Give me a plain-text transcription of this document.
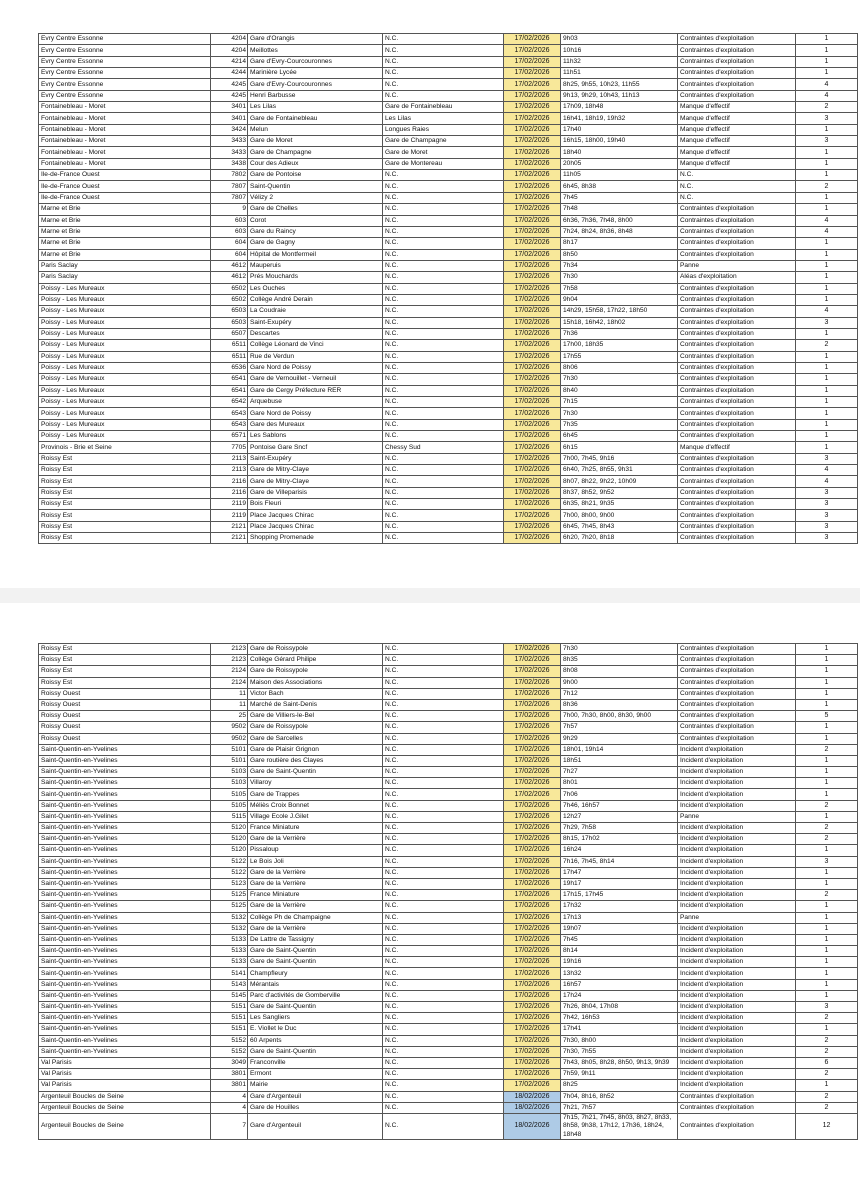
Evry Centre Essonne	4204	Gare d'Orangis	N.C.	17/02/2026	9h03	Contraintes d'exploitation	1
Evry Centre Essonne	4204	Meillottes	N.C.	17/02/2026	10h16	Contraintes d'exploitation	1
Evry Centre Essonne	4214	Gare d'Evry-Courcouronnes	N.C.	17/02/2026	11h32	Contraintes d'exploitation	1
Evry Centre Essonne	4244	Marinière Lycée	N.C.	17/02/2026	11h51	Contraintes d'exploitation	1
Evry Centre Essonne	4245	Gare d'Evry-Courcouronnes	N.C.	17/02/2026	8h25, 9h55, 10h23, 11h55	Contraintes d'exploitation	4
Evry Centre Essonne	4245	Henri Barbusse	N.C.	17/02/2026	9h13, 9h29, 10h43, 11h13	Contraintes d'exploitation	4
Fontainebleau - Moret	3401	Les Lilas	Gare de Fontainebleau	17/02/2026	17h09, 18h48	Manque d'effectif	2
Fontainebleau - Moret	3401	Gare de Fontainebleau	Les Lilas	17/02/2026	16h41, 18h19, 19h32	Manque d'effectif	3
Fontainebleau - Moret	3424	Melun	Longues Raies	17/02/2026	17h40	Manque d'effectif	1
Fontainebleau - Moret	3433	Gare de Moret	Gare de Champagne	17/02/2026	16h15, 18h00, 19h40	Manque d'effectif	3
Fontainebleau - Moret	3433	Gare de Champagne	Gare de Moret	17/02/2026	18h40	Manque d'effectif	1
Fontainebleau - Moret	3438	Cour des Adieux	Gare de Montereau	17/02/2026	20h05	Manque d'effectif	1
Ile-de-France Ouest	7802	Gare de Pontoise	N.C.	17/02/2026	11h05	N.C.	1
Ile-de-France Ouest	7807	Saint-Quentin	N.C.	17/02/2026	6h45, 8h38	N.C.	2
Ile-de-France Ouest	7807	Vélizy 2	N.C.	17/02/2026	7h45	N.C.	1
Marne et Brie	9	Gare de Chelles	N.C.	17/02/2026	7h48	Contraintes d'exploitation	1
Marne et Brie	603	Corot	N.C.	17/02/2026	6h36, 7h36, 7h48, 8h00	Contraintes d'exploitation	4
Marne et Brie	603	Gare du Raincy	N.C.	17/02/2026	7h24, 8h24, 8h36, 8h48	Contraintes d'exploitation	4
Marne et Brie	604	Gare de Gagny	N.C.	17/02/2026	8h17	Contraintes d'exploitation	1
Marne et Brie	604	Hôpital de Montfermeil	N.C.	17/02/2026	8h50	Contraintes d'exploitation	1
Paris Saclay	4612	Mauperuis	N.C.	17/02/2026	7h34	Panne	1
Paris Saclay	4612	Prés Mouchards	N.C.	17/02/2026	7h30	Aléas d'exploitation	1
Poissy - Les Mureaux	6502	Les Ouches	N.C.	17/02/2026	7h58	Contraintes d'exploitation	1
Poissy - Les Mureaux	6502	Collège André Derain	N.C.	17/02/2026	9h04	Contraintes d'exploitation	1
Poissy - Les Mureaux	6503	La Coudraie	N.C.	17/02/2026	14h29, 15h58, 17h22, 18h50	Contraintes d'exploitation	4
Poissy - Les Mureaux	6503	Saint-Exupéry	N.C.	17/02/2026	15h18, 16h42, 18h02	Contraintes d'exploitation	3
Poissy - Les Mureaux	6507	Descartes	N.C.	17/02/2026	7h36	Contraintes d'exploitation	1
Poissy - Les Mureaux	6511	Collège Léonard de Vinci	N.C.	17/02/2026	17h00, 18h35	Contraintes d'exploitation	2
Poissy - Les Mureaux	6511	Rue de Verdun	N.C.	17/02/2026	17h55	Contraintes d'exploitation	1
Poissy - Les Mureaux	6536	Gare Nord de Poissy	N.C.	17/02/2026	8h06	Contraintes d'exploitation	1
Poissy - Les Mureaux	6541	Gare de Vernouillet - Verneuil	N.C.	17/02/2026	7h30	Contraintes d'exploitation	1
Poissy - Les Mureaux	6541	Gare de Cergy Préfecture RER	N.C.	17/02/2026	8h40	Contraintes d'exploitation	1
Poissy - Les Mureaux	6542	Arquebuse	N.C.	17/02/2026	7h15	Contraintes d'exploitation	1
Poissy - Les Mureaux	6543	Gare Nord de Poissy	N.C.	17/02/2026	7h30	Contraintes d'exploitation	1
Poissy - Les Mureaux	6543	Gare des Mureaux	N.C.	17/02/2026	7h35	Contraintes d'exploitation	1
Poissy - Les Mureaux	6571	Les Sablons	N.C.	17/02/2026	6h45	Contraintes d'exploitation	1
Provinois - Brie et Seine	7705	Pontoise Gare Sncf	Chessy Sud	17/02/2026	6h15	Manque d'effectif	1
Roissy Est	2113	Saint-Exupéry	N.C.	17/02/2026	7h00, 7h45, 9h16	Contraintes d'exploitation	3
Roissy Est	2113	Gare de Mitry-Claye	N.C.	17/02/2026	6h40, 7h25, 8h55, 9h31	Contraintes d'exploitation	4
Roissy Est	2116	Gare de Mitry-Claye	N.C.	17/02/2026	8h07, 8h22, 9h22, 10h09	Contraintes d'exploitation	4
Roissy Est	2116	Gare de Villeparisis	N.C.	17/02/2026	8h37, 8h52, 9h52	Contraintes d'exploitation	3
Roissy Est	2119	Bois Fleuri	N.C.	17/02/2026	6h35, 8h21, 9h35	Contraintes d'exploitation	3
Roissy Est	2119	Place Jacques Chirac	N.C.	17/02/2026	7h00, 8h00, 9h00	Contraintes d'exploitation	3
Roissy Est	2121	Place Jacques Chirac	N.C.	17/02/2026	6h45, 7h45, 8h43	Contraintes d'exploitation	3
Roissy Est	2121	Shopping Promenade	N.C.	17/02/2026	6h20, 7h20, 8h18	Contraintes d'exploitation	3
Roissy Est	2123	Gare de Roissypole	N.C.	17/02/2026	7h30	Contraintes d'exploitation	1
Roissy Est	2123	Collège Gérard Philipe	N.C.	17/02/2026	8h35	Contraintes d'exploitation	1
Roissy Est	2124	Gare de Roissypole	N.C.	17/02/2026	8h08	Contraintes d'exploitation	1
Roissy Est	2124	Maison des Associations	N.C.	17/02/2026	9h00	Contraintes d'exploitation	1
Roissy Ouest	11	Victor Bach	N.C.	17/02/2026	7h12	Contraintes d'exploitation	1
Roissy Ouest	11	Marché de Saint-Denis	N.C.	17/02/2026	8h36	Contraintes d'exploitation	1
Roissy Ouest	25	Gare de Villiers-le-Bel	N.C.	17/02/2026	7h00, 7h30, 8h00, 8h30, 9h00	Contraintes d'exploitation	5
Roissy Ouest	9502	Gare de Roissypole	N.C.	17/02/2026	7h57	Contraintes d'exploitation	1
Roissy Ouest	9502	Gare de Sarcelles	N.C.	17/02/2026	9h29	Contraintes d'exploitation	1
Saint-Quentin-en-Yvelines	5101	Gare de Plaisir Grignon	N.C.	17/02/2026	18h01, 19h14	Incident d'exploitation	2
Saint-Quentin-en-Yvelines	5101	Gare routière des Clayes	N.C.	17/02/2026	18h51	Incident d'exploitation	1
Saint-Quentin-en-Yvelines	5103	Gare de Saint-Quentin	N.C.	17/02/2026	7h27	Incident d'exploitation	1
Saint-Quentin-en-Yvelines	5103	Villaroy	N.C.	17/02/2026	8h01	Incident d'exploitation	1
Saint-Quentin-en-Yvelines	5105	Gare de Trappes	N.C.	17/02/2026	7h06	Incident d'exploitation	1
Saint-Quentin-en-Yvelines	5105	Méliès Croix Bonnet	N.C.	17/02/2026	7h46, 16h57	Incident d'exploitation	2
Saint-Quentin-en-Yvelines	5115	Village Ecole J.Gilet	N.C.	17/02/2026	12h27	Panne	1
Saint-Quentin-en-Yvelines	5120	France Miniature	N.C.	17/02/2026	7h29, 7h58	Incident d'exploitation	2
Saint-Quentin-en-Yvelines	5120	Gare de la Verrière	N.C.	17/02/2026	8h15, 17h02	Incident d'exploitation	2
Saint-Quentin-en-Yvelines	5120	Pissaloup	N.C.	17/02/2026	16h24	Incident d'exploitation	1
Saint-Quentin-en-Yvelines	5122	Le Bois Joli	N.C.	17/02/2026	7h16, 7h45, 8h14	Incident d'exploitation	3
Saint-Quentin-en-Yvelines	5122	Gare de la Verrière	N.C.	17/02/2026	17h47	Incident d'exploitation	1
Saint-Quentin-en-Yvelines	5123	Gare de la Verrière	N.C.	17/02/2026	19h17	Incident d'exploitation	1
Saint-Quentin-en-Yvelines	5125	France Miniature	N.C.	17/02/2026	17h15, 17h45	Incident d'exploitation	2
Saint-Quentin-en-Yvelines	5125	Gare de la Verrière	N.C.	17/02/2026	17h32	Incident d'exploitation	1
Saint-Quentin-en-Yvelines	5132	Collège Ph de Champaigne	N.C.	17/02/2026	17h13	Panne	1
Saint-Quentin-en-Yvelines	5132	Gare de la Verrière	N.C.	17/02/2026	19h07	Incident d'exploitation	1
Saint-Quentin-en-Yvelines	5133	De Lattre de Tassigny	N.C.	17/02/2026	7h45	Incident d'exploitation	1
Saint-Quentin-en-Yvelines	5133	Gare de Saint-Quentin	N.C.	17/02/2026	8h14	Incident d'exploitation	1
Saint-Quentin-en-Yvelines	5133	Gare de Saint-Quentin	N.C.	17/02/2026	19h16	Incident d'exploitation	1
Saint-Quentin-en-Yvelines	5141	Champfleury	N.C.	17/02/2026	13h32	Incident d'exploitation	1
Saint-Quentin-en-Yvelines	5143	Mérantais	N.C.	17/02/2026	16h57	Incident d'exploitation	1
Saint-Quentin-en-Yvelines	5145	Parc d'activités de Gomberville	N.C.	17/02/2026	17h24	Incident d'exploitation	1
Saint-Quentin-en-Yvelines	5151	Gare de Saint-Quentin	N.C.	17/02/2026	7h26, 8h04, 17h08	Incident d'exploitation	3
Saint-Quentin-en-Yvelines	5151	Les Sangliers	N.C.	17/02/2026	7h42, 16h53	Incident d'exploitation	2
Saint-Quentin-en-Yvelines	5151	E. Viollet le Duc	N.C.	17/02/2026	17h41	Incident d'exploitation	1
Saint-Quentin-en-Yvelines	5152	60 Arpents	N.C.	17/02/2026	7h30, 8h00	Incident d'exploitation	2
Saint-Quentin-en-Yvelines	5152	Gare de Saint-Quentin	N.C.	17/02/2026	7h30, 7h55	Incident d'exploitation	2
Val Parisis	3049	Franconville	N.C.	17/02/2026	7h43, 8h05, 8h28, 8h50, 9h13, 9h39	Incident d'exploitation	6
Val Parisis	3801	Ermont	N.C.	17/02/2026	7h59, 9h11	Incident d'exploitation	2
Val Parisis	3801	Mairie	N.C.	17/02/2026	8h25	Incident d'exploitation	1
Argenteuil Boucles de Seine	4	Gare d'Argenteuil	N.C.	18/02/2026	7h04, 8h16, 8h52	Contraintes d'exploitation	2
Argenteuil Boucles de Seine	4	Gare de Houilles	N.C.	18/02/2026	7h21, 7h57	Contraintes d'exploitation	2
Argenteuil Boucles de Seine	7	Gare d'Argenteuil	N.C.	18/02/2026	7h15, 7h21, 7h45, 8h03, 8h27, 8h33, 8h58, 9h38, 17h12, 17h36, 18h24, 18h48	Contraintes d'exploitation	12
